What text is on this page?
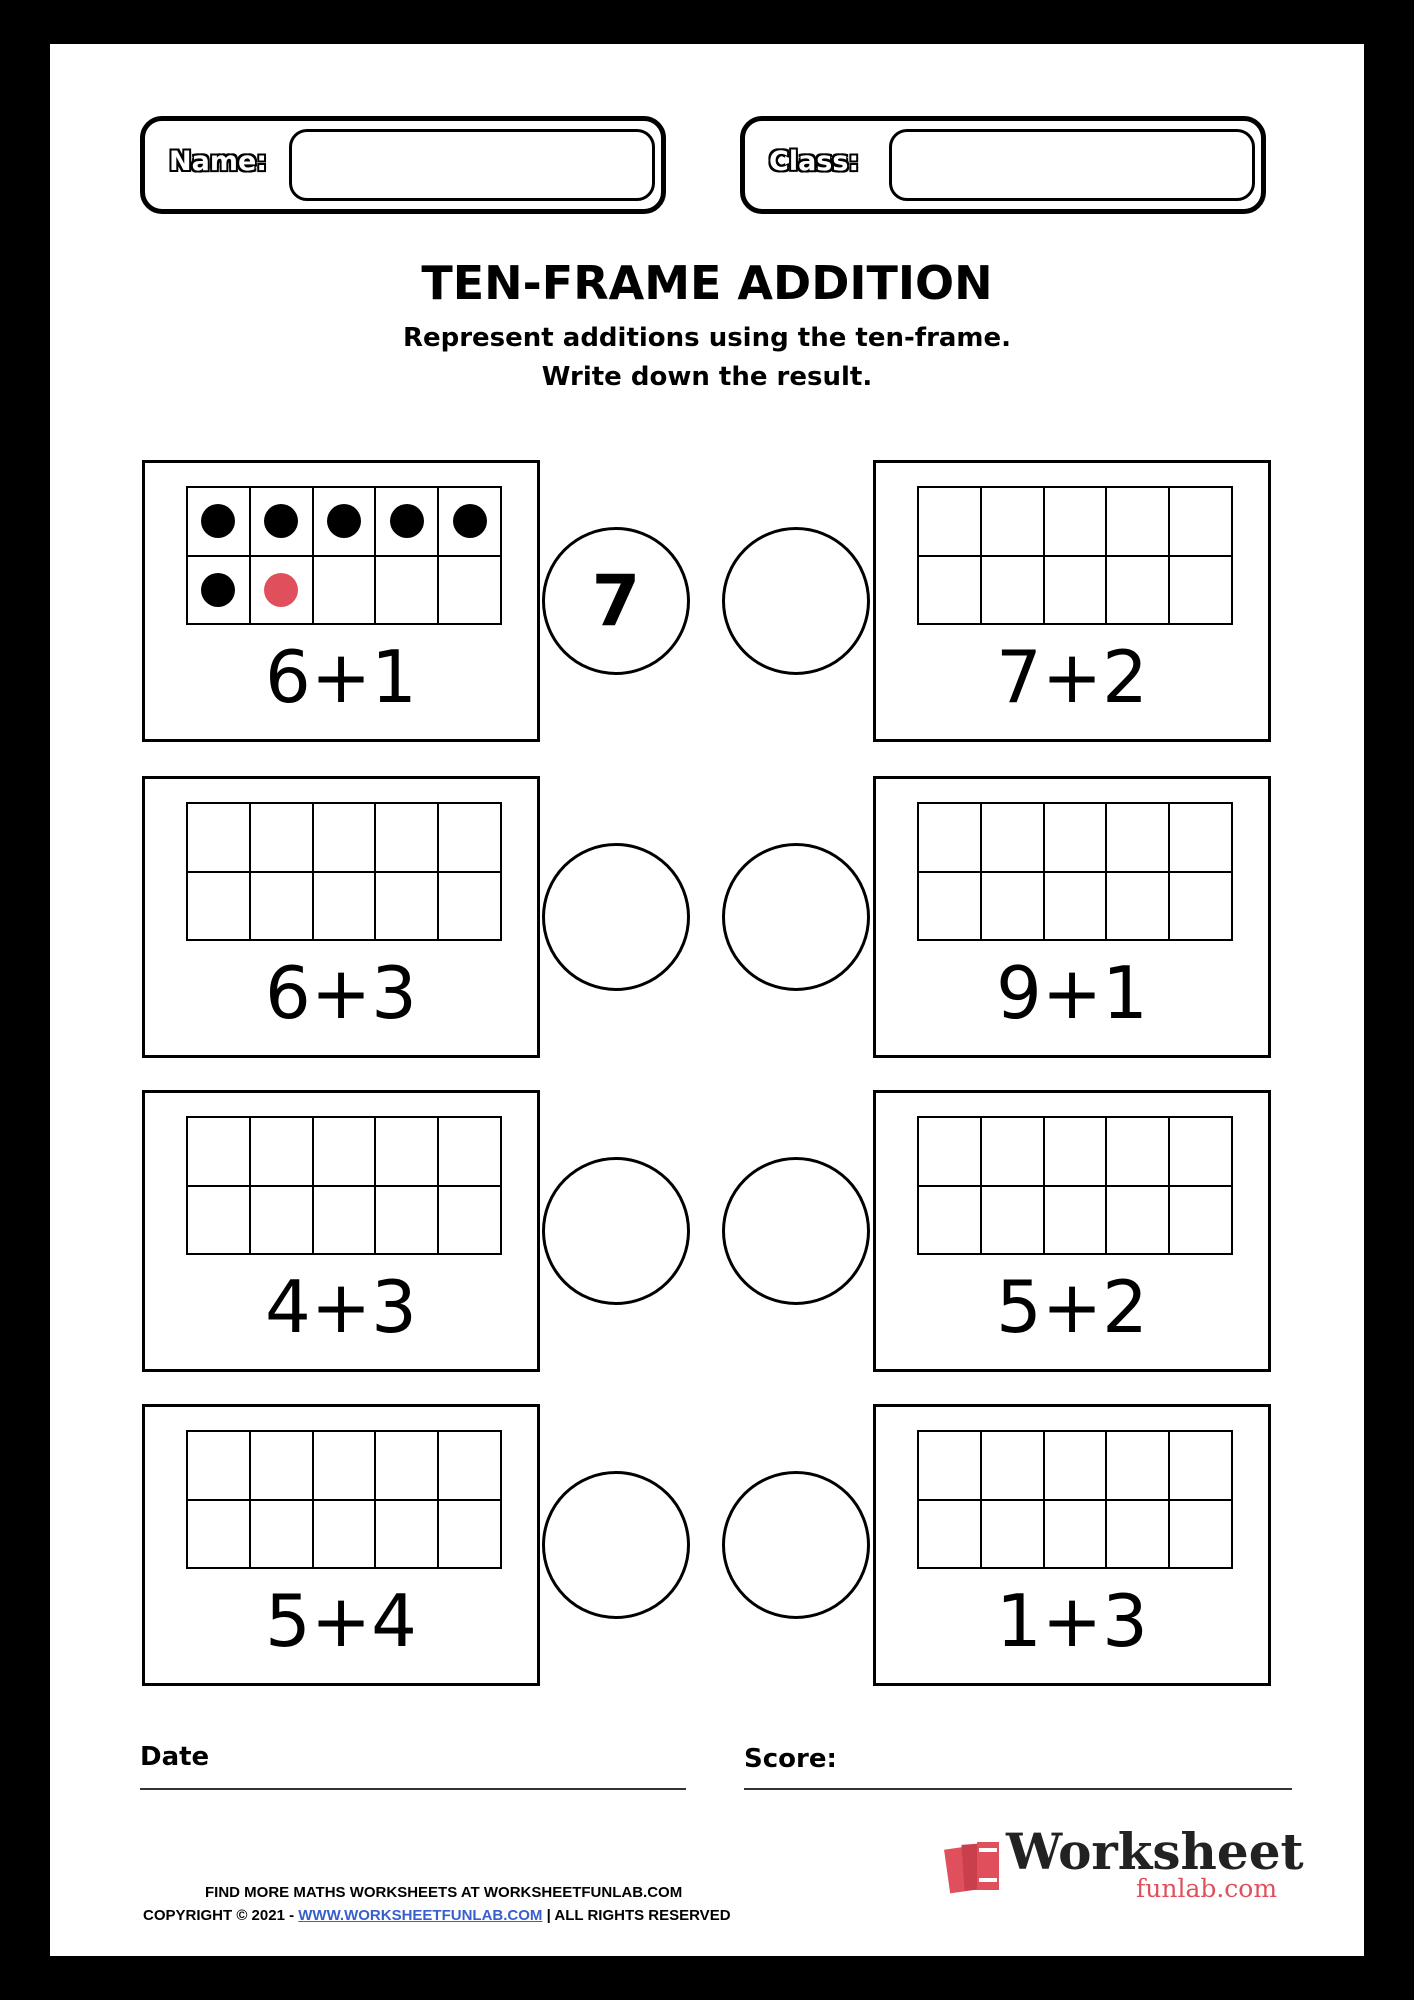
Name:	Class:
TEN-FRAME ADDITION
Represent additions using the ten-frame.
Write down the result.
6+1
7
7+2
6+3	9+1
4+3	5+2
5+4	1+3
Date	Score:
FIND MORE MATHS WORKSHEETS AT WORKSHEETFUNLAB.COM
COPYRIGHT © 2021 - WWW.WORKSHEETFUNLAB.COM | ALL RIGHTS RESERVED
Worksheet
funlab.com
